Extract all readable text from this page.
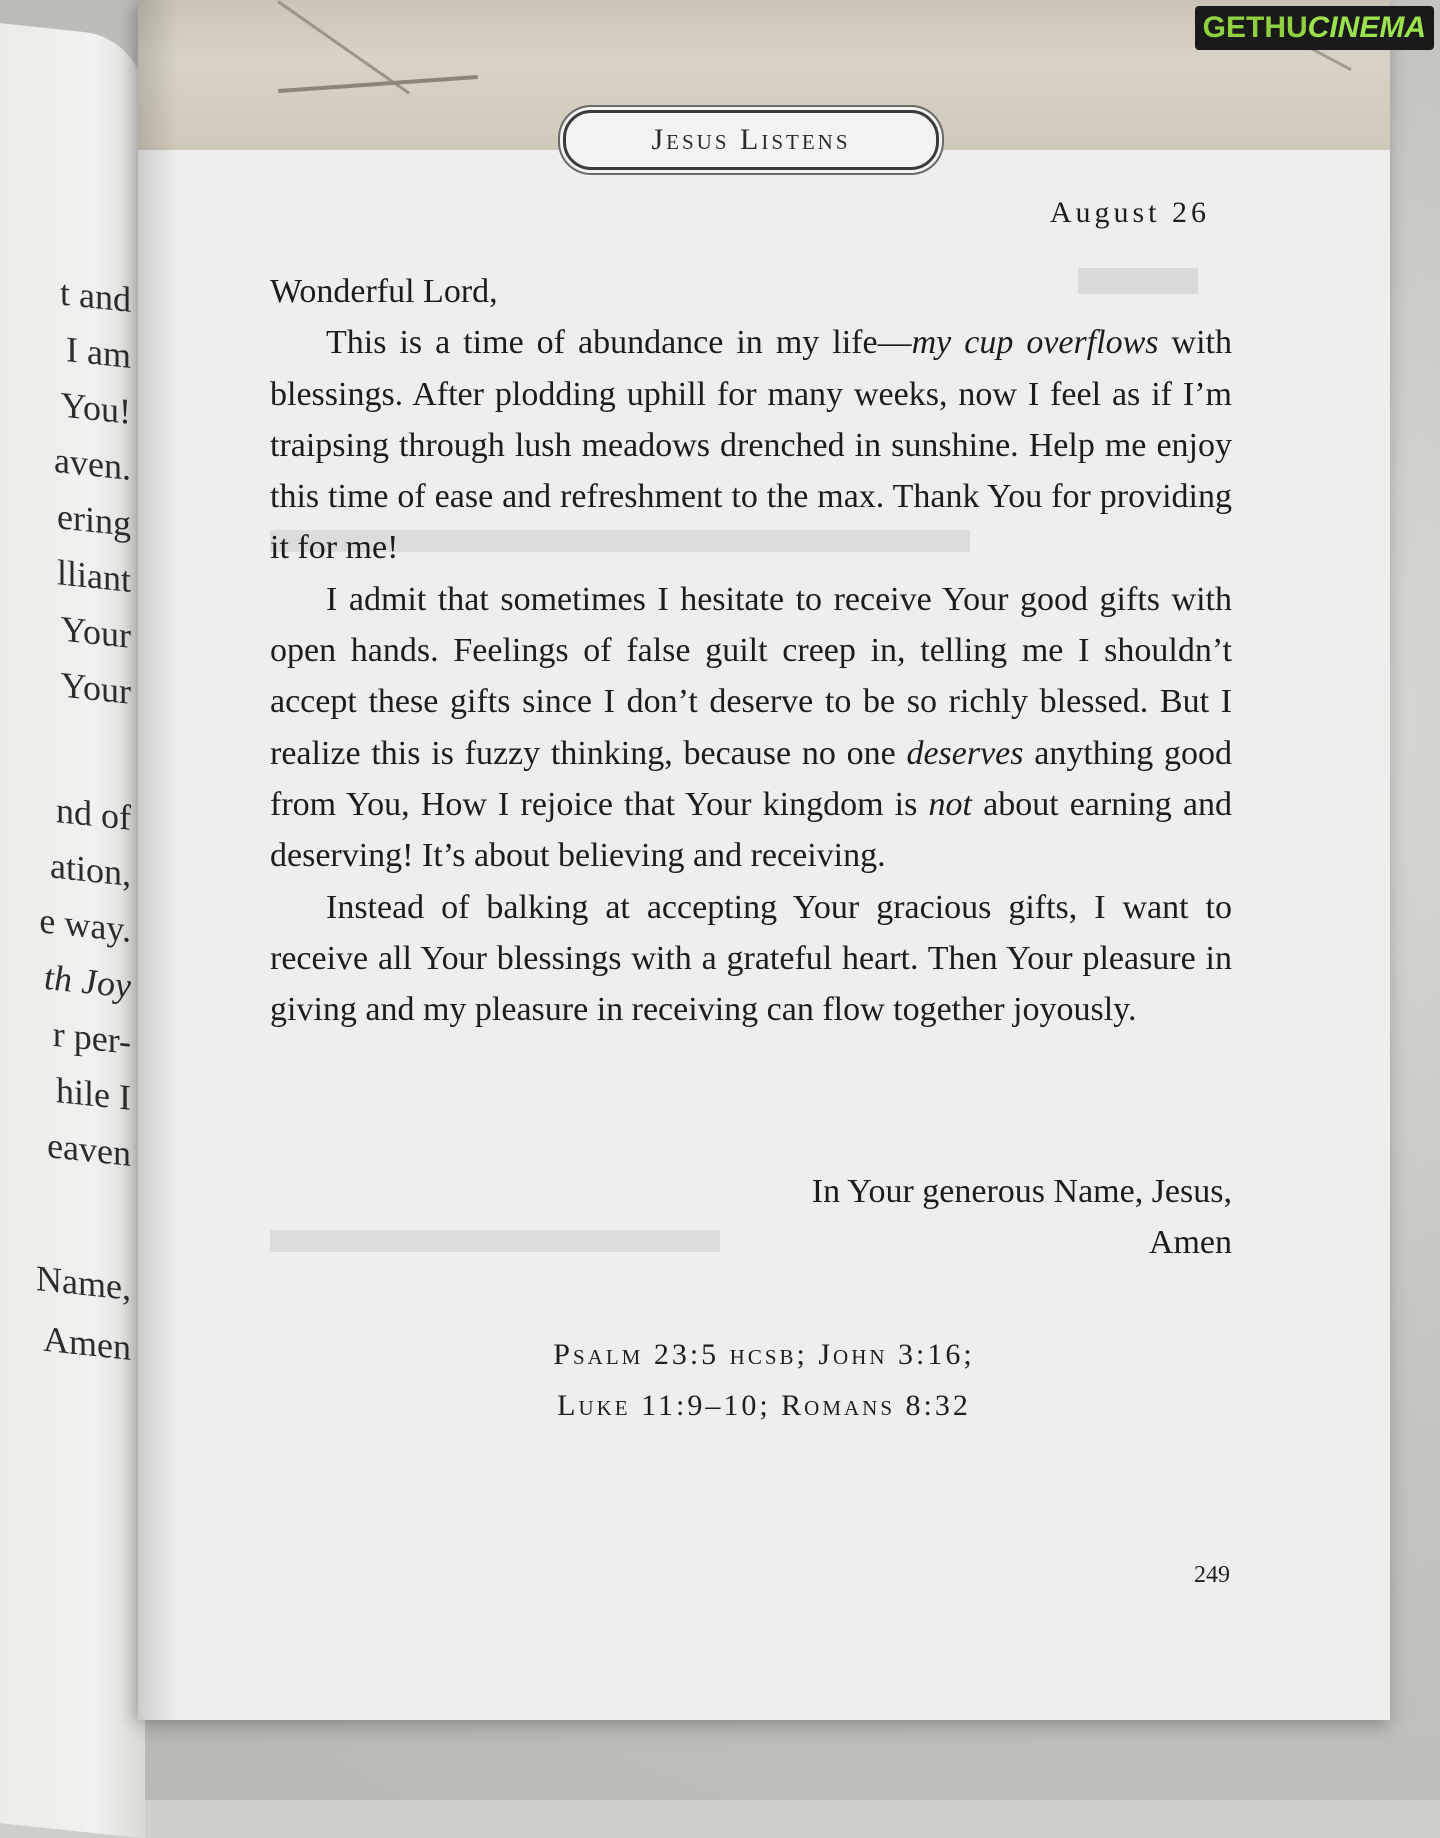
t and
I am
You!
aven.
ering
lliant
Your
Your
nd of
ation,
e way.
th Joy
r per-
hile I
eaven
Name,
Amen
Jesus Listens
August 26

Wonderful Lord,

This is a time of abundance in my life—my cup overflows with blessings. After plodding uphill for many weeks, now I feel as if I’m traipsing through lush meadows drenched in sunshine. Help me enjoy this time of ease and refreshment to the max. Thank You for providing it for me!

I admit that sometimes I hesitate to receive Your good gifts with open hands. Feelings of false guilt creep in, telling me I shouldn’t accept these gifts since I don’t deserve to be so richly blessed. But I realize this is fuzzy thinking, because no one deserves anything good from You, How I rejoice that Your kingdom is not about earning and deserving! It’s about believing and receiving.

Instead of balking at accepting Your gracious gifts, I want to receive all Your blessings with a grateful heart. Then Your pleasure in giving and my pleasure in receiving can flow together joyously.

In Your generous Name, Jesus,
Amen
Psalm 23:5 hcsb; John 3:16;
Luke 11:9–10; Romans 8:32
249
GETHU CINEMA
